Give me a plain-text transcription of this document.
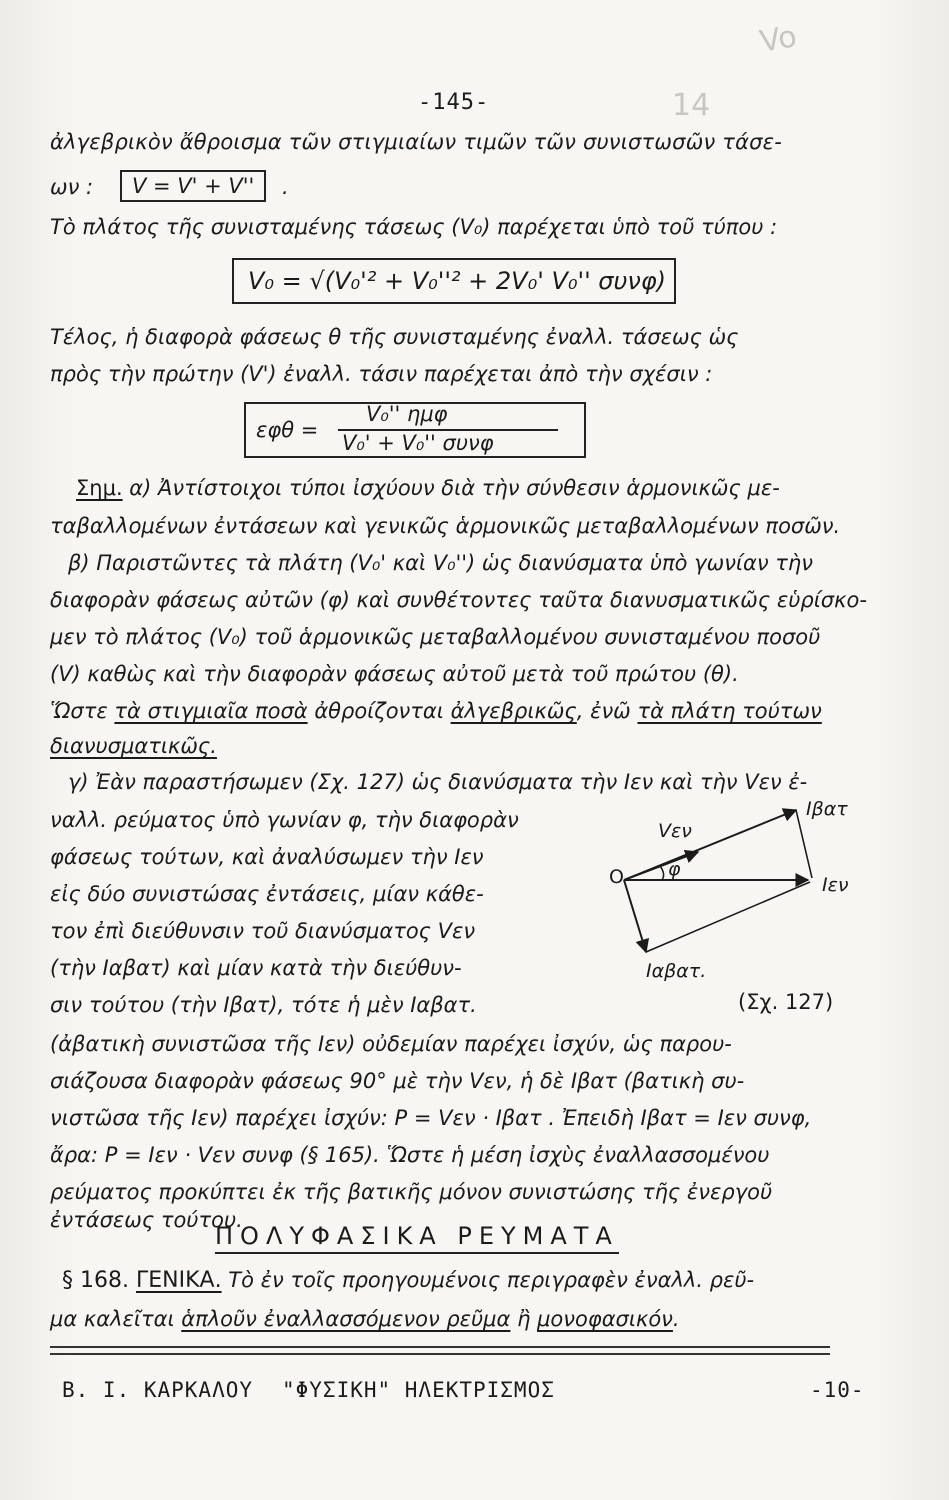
Vo
14
-145-
ἀλγεβρικὸν ἄθροισμα τῶν στιγμιαίων τιμῶν τῶν συνιστωσῶν τάσε-
ων :	V = V' + V''	.
Τὸ πλάτος τῆς συνισταμένης τάσεως (V₀) παρέχεται ὑπὸ τοῦ τύπου :
V₀ = √(V₀'² + V₀''² + 2V₀' V₀'' συνφ)
Τέλος, ἡ διαφορὰ φάσεως θ τῆς συνισταμένης ἐναλλ. τάσεως ὡς
πρὸς τὴν πρώτην (V') ἐναλλ. τάσιν παρέχεται ἀπὸ τὴν σχέσιν :
εφθ =
V₀'' ημφ
V₀' + V₀'' συνφ
Σημ. α) Ἀντίστοιχοι τύποι ἰσχύουν διὰ τὴν σύνθεσιν ἁρμονικῶς με-
ταβαλλομένων ἐντάσεων καὶ γενικῶς ἁρμονικῶς μεταβαλλομένων ποσῶν.
β) Παριστῶντες τὰ πλάτη (V₀' καὶ V₀'') ὡς διανύσματα ὑπὸ γωνίαν τὴν
διαφορὰν φάσεως αὐτῶν (φ) καὶ συνθέτοντες ταῦτα διανυσματικῶς εὑρίσκο-
μεν τὸ πλάτος (V₀) τοῦ ἁρμονικῶς μεταβαλλομένου συνισταμένου ποσοῦ
(V) καθὼς καὶ τὴν διαφορὰν φάσεως αὐτοῦ μετὰ τοῦ πρώτου (θ).
Ὥστε τὰ στιγμιαῖα ποσὰ ἀθροίζονται ἀλγεβρικῶς, ἐνῶ τὰ πλάτη τούτων
διανυσματικῶς.
γ) Ἐὰν παραστήσωμεν (Σχ. 127) ὡς διανύσματα τὴν Iεν καὶ τὴν Vεν ἐ-
ναλλ. ρεύματος ὑπὸ γωνίαν φ, τὴν διαφορὰν
φάσεως τούτων, καὶ ἀναλύσωμεν τὴν Iεν
εἰς δύο συνιστώσας ἐντάσεις, μίαν κάθε-
τον ἐπὶ διεύθυνσιν τοῦ διανύσματος Vεν
(τὴν Iαβατ) καὶ μίαν κατὰ τὴν διεύθυν-
σιν τούτου (τὴν Iβατ), τότε ἡ μὲν Iαβατ.	(Σχ. 127)
O φ
Vεν
Iεν
Iβατ
Iαβατ.
(ἀβατικὴ συνιστῶσα τῆς Iεν) οὐδεμίαν παρέχει ἰσχύν, ὡς παρου-
σιάζουσα διαφορὰν φάσεως 90° μὲ τὴν Vεν, ἡ δὲ Iβατ (βατικὴ συ-
νιστῶσα τῆς Iεν) παρέχει ἰσχύν: P = Vεν · Iβατ . Ἐπειδὴ Iβατ = Iεν συνφ,
ἄρα: P = Iεν · Vεν συνφ (§ 165). Ὥστε ἡ μέση ἰσχὺς ἐναλλασσομένου
ρεύματος προκύπτει ἐκ τῆς βατικῆς μόνον συνιστώσης τῆς ἐνεργοῦ
ἐντάσεως τούτου.
ΠΟΛΥΦΑΣΙΚΑ ΡΕΥΜΑΤΑ
§ 168. ΓΕΝΙΚΑ. Τὸ ἐν τοῖς προηγουμένοις περιγραφὲν ἐναλλ. ρεῦ-
μα καλεῖται ἁπλοῦν ἐναλλασσόμενον ρεῦμα ἢ μονοφασικόν.
Β. Ι. ΚΑΡΚΑΛΟΥ "ΦΥΣΙΚΗ" ΗΛΕΚΤΡΙΣΜΟΣ	-10-
